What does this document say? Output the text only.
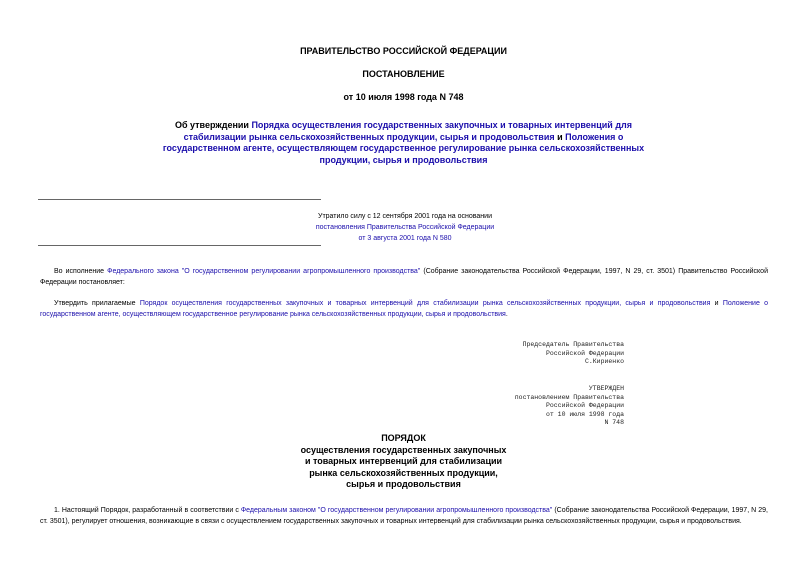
ПРАВИТЕЛЬСТВО РОССИЙСКОЙ ФЕДЕРАЦИИ
ПОСТАНОВЛЕНИЕ
от 10 июля 1998 года N 748
Об утверждении Порядка осуществления государственных закупочных и товарных интервенций для стабилизации рынка сельскохозяйственных продукции, сырья и продовольствия и Положения о государственном агенте, осуществляющем государственное регулирование рынка сельскохозяйственных продукции, сырья и продовольствия
Утратило силу с 12 сентября 2001 года на основании
постановления Правительства Российской Федерации
от 3 августа 2001 года N 580
Во исполнение Федерального закона "О государственном регулировании агропромышленного производства" (Собрание законодательства Российской Федерации, 1997, N 29, ст. 3501) Правительство Российской Федерации постановляет:
Утвердить прилагаемые Порядок осуществления государственных закупочных и товарных интервенций для стабилизации рынка сельскохозяйственных продукции, сырья и продовольствия и Положение о государственном агенте, осуществляющем государственное регулирование рынка сельскохозяйственных продукции, сырья и продовольствия.
Председатель Правительства
Российской Федерации
С.Кириенко
УТВЕРЖДЕН
постановлением Правительства
Российской Федерации
от 10 июля 1998 года
N 748
ПОРЯДОК
осуществления государственных закупочных
и товарных интервенций для стабилизации
рынка сельскохозяйственных продукции,
сырья и продовольствия
1. Настоящий Порядок, разработанный в соответствии с Федеральным законом "О государственном регулировании агропромышленного производства" (Собрание законодательства Российской Федерации, 1997, N 29, ст. 3501), регулирует отношения, возникающие в связи с осуществлением государственных закупочных и товарных интервенций для стабилизации рынка сельскохозяйственных продукции, сырья и продовольствия.
